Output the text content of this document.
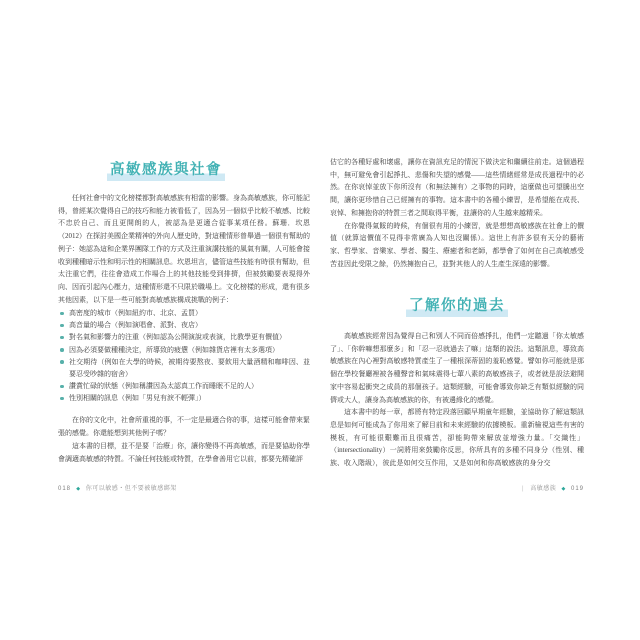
高敏感族與社會

任何社會中的文化榜樣都對高敏感族有相當的影響。身為高敏感族，你可能記得，曾經某次覺得自己的技巧和能力被看低了，因為另一個似乎比較不敏感、比較不忠於自己、而且更開朗的人，被認為是更適合從事某項任務。蘇珊．坎恩（2012）在探討美國企業精神的外向人歷史時，對這種情形曾舉過一個很有幫助的例子：她認為這和企業界團隊工作的方式及注重演講技能的風氣有關，人可能會接收到種種暗示性和明示性的相關訊息。坎恩坦言，儘管這些技能有時很有幫助，但太注重它們，往往會造成工作場合上的其他技能受到排擠，但被鼓勵要表現得外向、因而引起內心壓力，這種情形還不只限於職場上。文化榜樣的形成，還有很多其他因素，以下是一些可能對高敏感族構成挑戰的例子：

高密度的城市（例如紐約市、北京、孟買）
高音量的場合（例如演唱會、派對、夜店）
對名氣和影響力的注重（例如認為公開演說或表演，比教學更有價值）
因為必須要做種種決定，所導致的疲憊（例如雜貨店裡有太多選項）
社交期待（例如在大學的時候，被期待要熬夜、要飲用大量酒精和咖啡因、並要忍受吵雜的宿舍）
讚賞忙碌的狀態（例如稱讚因為太認真工作而睡眠不足的人）
性別相關的訊息（例如「男兒有淚不輕彈」）

在你的文化中，社會所重視的事，不一定是最適合你的事，這樣可能會帶來緊張的感覺。你還能想到其他例子嗎？

這本書的目標，並不是要「治療」你，讓你變得不再高敏感，而是要協助你學會調適高敏感的特質。不論任何技能或特質，在學會善用它以前，都要先精確評

018 ◆ 你可以敏感・但不要被敏感綁架

估它的各種好處和壞處，讓你在資訊充足的情況下做決定和繼續往前走。這個過程中，無可避免會引起掙扎、悲傷和失望的感覺——這些情緒經常是成長過程中的必然。在你哀悼並放下你所沒有（和無法擁有）之事物的同時，這麼做也可望騰出空間，讓你更珍惜自己已經擁有的事物。這本書中的各種小練習，是希望能在成長、哀悼、和擁抱你的特質三者之間取得平衡，並讓你的人生越來越精采。

在你覺得氣餒的時候，有個很有用的小練習，就是想想高敏感族在社會上的價值（就算這價值不見得非常廣為人知也沒關係）。這世上有許多很有天分的藝術家、哲學家、音樂家、學者、醫生、療癒者和老師，都學會了如何在自己高敏感受苦並因此受限之餘，仍然擁抱自己，並對其他人的人生產生深遠的影響。

了解你的過去

高敏感族經常因為覺得自己和別人不同而倍感掙扎，他們一定聽過「你太敏感了」、「你幹嘛想那麼多」和「忍一忍就過去了嘛」這類的說法。這類訊息，導致高敏感族在內心裡對高敏感特質產生了一種根深蒂固的羞恥感覺。譬如你可能就是那個在學校餐廳裡被各種聲音和氣味震得七葷八素的高敏感孩子，或者就是設法避開家中容易起衝突之成員的那個孩子。這類經驗，可能會導致你缺乏有類似經驗的同儕或大人，讓身為高敏感族的你，有被邊緣化的感覺。

這本書中的每一章，都將有特定段落回顧早期童年經驗，並協助你了解這類訊息是如何可能成為了你用來了解目前和未來經驗的依據模板。重新檢視這些有害的模板，有可能很艱難而且很痛苦，卻能夠帶來解放並增強力量。「交織性」（intersectionality）一詞將用來鼓勵你反思，你所具有的多種不同身分（性別、種族、收入階級），彼此是如何交互作用，又是如何和你高敏感族的身分交

| 高敏感族 ◆ 019
